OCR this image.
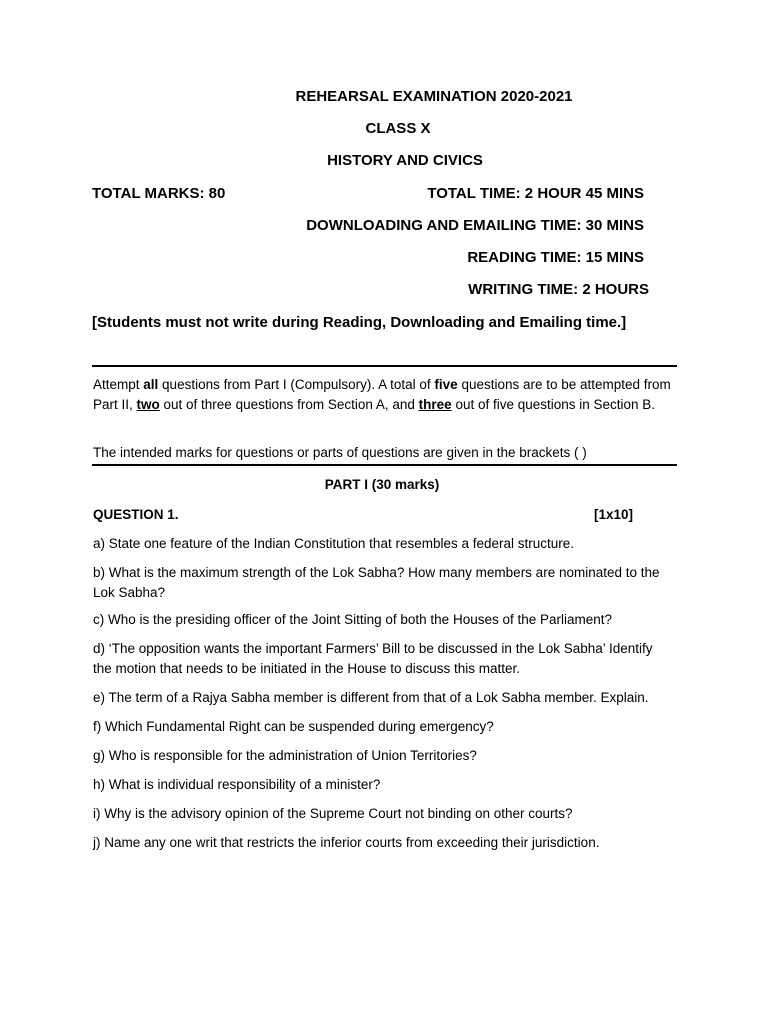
REHEARSAL EXAMINATION 2020-2021
CLASS X
HISTORY AND CIVICS
TOTAL MARKS: 80	TOTAL TIME: 2 HOUR 45 MINS
DOWNLOADING AND EMAILING TIME: 30 MINS
READING TIME: 15 MINS
WRITING TIME: 2 HOURS
[Students must not write during Reading, Downloading and Emailing time.]
Attempt all questions from Part I (Compulsory). A total of five questions are to be attempted from Part II, two out of three questions from Section A, and three out of five questions in Section B.
The intended marks for questions or parts of questions are given in the brackets ( )
PART I (30 marks)
QUESTION 1.	[1x10]
a) State one feature of the Indian Constitution that resembles a federal structure.
b) What is the maximum strength of the Lok Sabha? How many members are nominated to the Lok Sabha?
c) Who is the presiding officer of the Joint Sitting of both the Houses of the Parliament?
d) ‘The opposition wants the important Farmers’ Bill to be discussed in the Lok Sabha’ Identify the motion that needs to be initiated in the House to discuss this matter.
e) The term of a Rajya Sabha member is different from that of a Lok Sabha member. Explain.
f) Which Fundamental Right can be suspended during emergency?
g) Who is responsible for the administration of Union Territories?
h) What is individual responsibility of a minister?
i) Why is the advisory opinion of the Supreme Court not binding on other courts?
j) Name any one writ that restricts the inferior courts from exceeding their jurisdiction.
